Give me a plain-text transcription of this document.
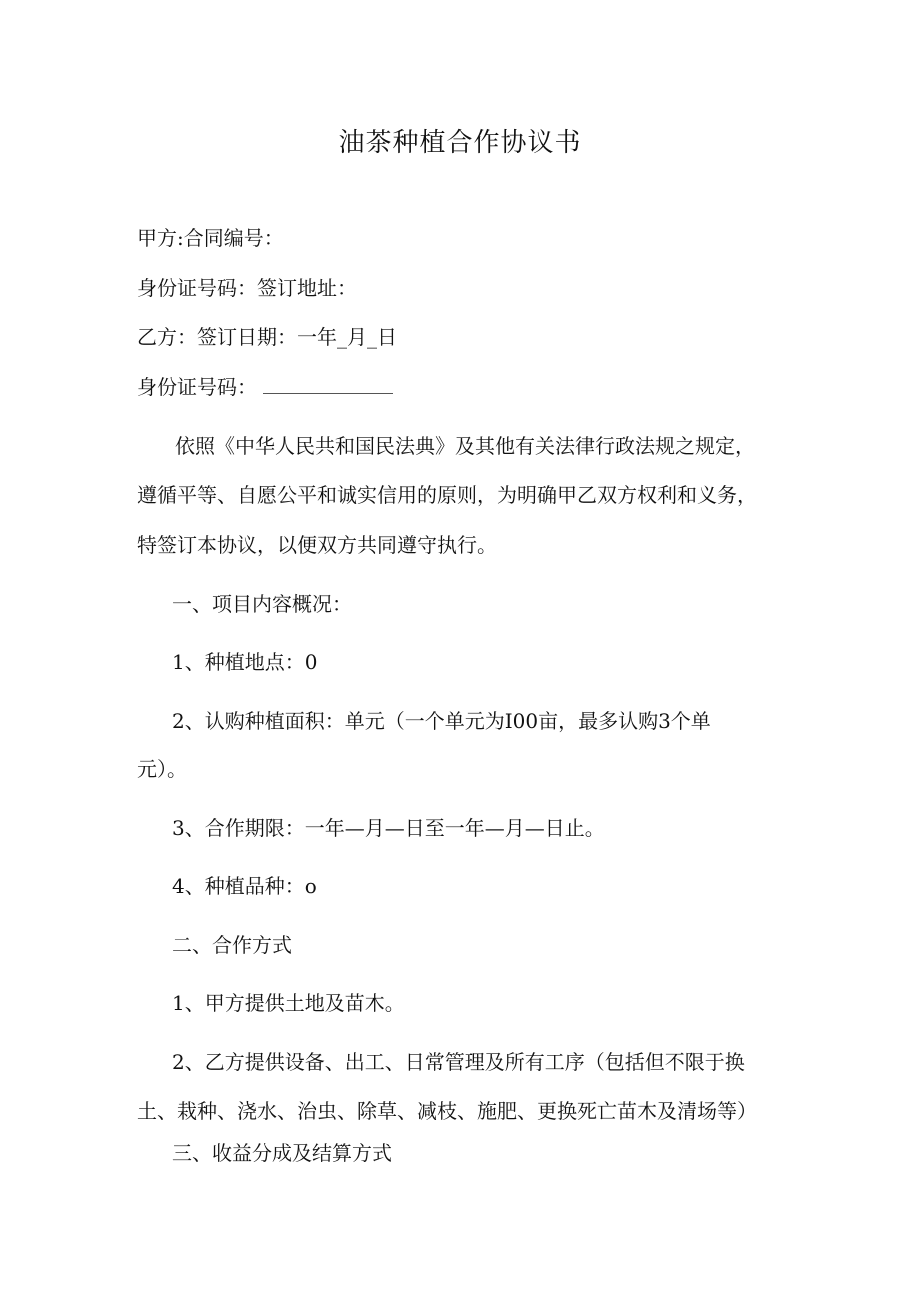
油茶种植合作协议书

甲方:合同编号：

身份证号码：签订地址：

乙方：签订日期：一年_月_日

身份证号码：

依照《中华人民共和国民法典》及其他有关法律行政法规之规定，

遵循平等、自愿公平和诚实信用的原则，为明确甲乙双方权利和义务，

特签订本协议，以便双方共同遵守执行。

一、项目内容概况：

1、种植地点：0

2、认购种植面积：单元（一个单元为I00亩，最多认购3个单

元）。

3、合作期限：一年—月—日至一年—月—日止。

4、种植品种：o

二、合作方式

1、甲方提供土地及苗木。

2、乙方提供设备、出工、日常管理及所有工序（包括但不限于换

土、栽种、浇水、治虫、除草、减枝、施肥、更换死亡苗木及清场等）

三、收益分成及结算方式
